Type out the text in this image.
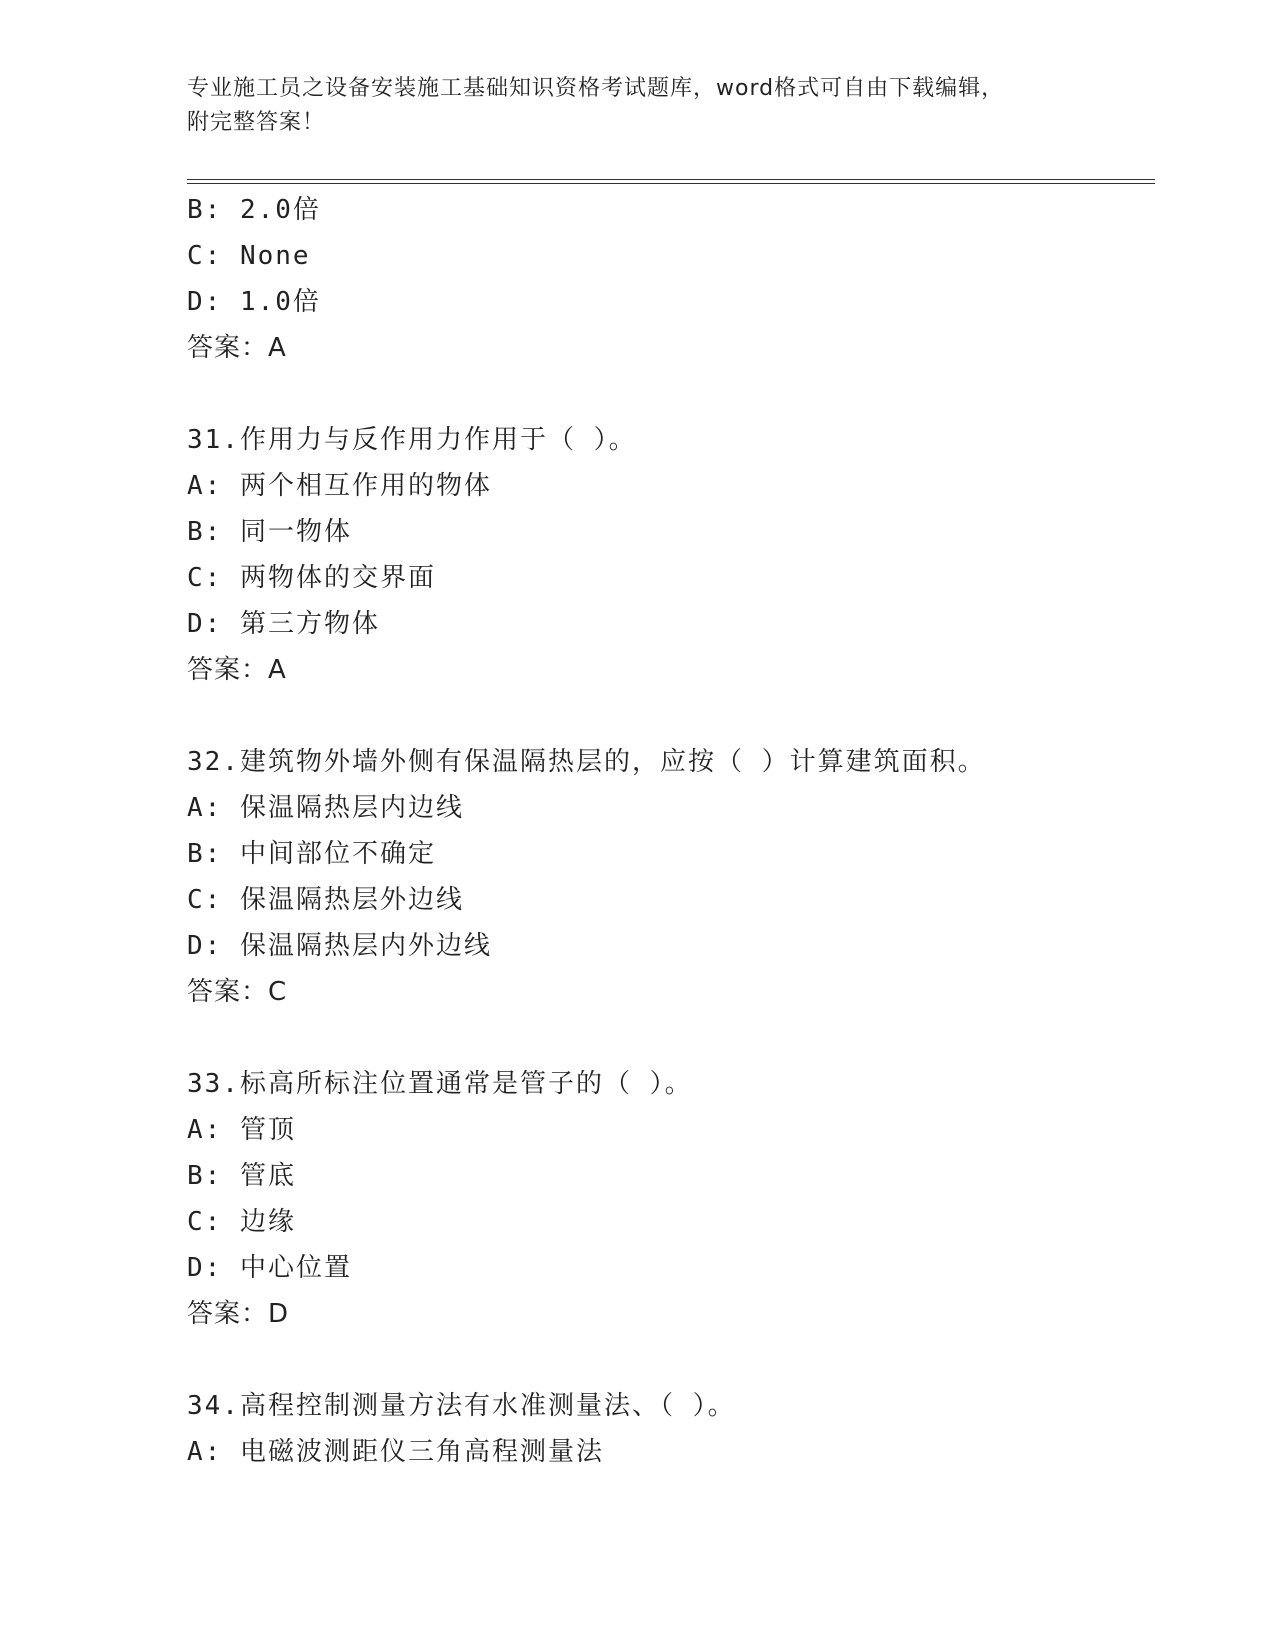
专业施工员之设备安装施工基础知识资格考试题库，word格式可自由下载编辑，
附完整答案！
B: 2.0倍
C: None
D: 1.0倍
答案：A
31.作用力与反作用力作用于（ ）。
A: 两个相互作用的物体
B: 同一物体
C: 两物体的交界面
D: 第三方物体
答案：A
32.建筑物外墙外侧有保温隔热层的，应按（ ）计算建筑面积。
A: 保温隔热层内边线
B: 中间部位不确定
C: 保温隔热层外边线
D: 保温隔热层内外边线
答案：C
33.标高所标注位置通常是管子的（ ）。
A: 管顶
B: 管底
C: 边缘
D: 中心位置
答案：D
34.高程控制测量方法有水准测量法、（ ）。
A: 电磁波测距仪三角高程测量法
